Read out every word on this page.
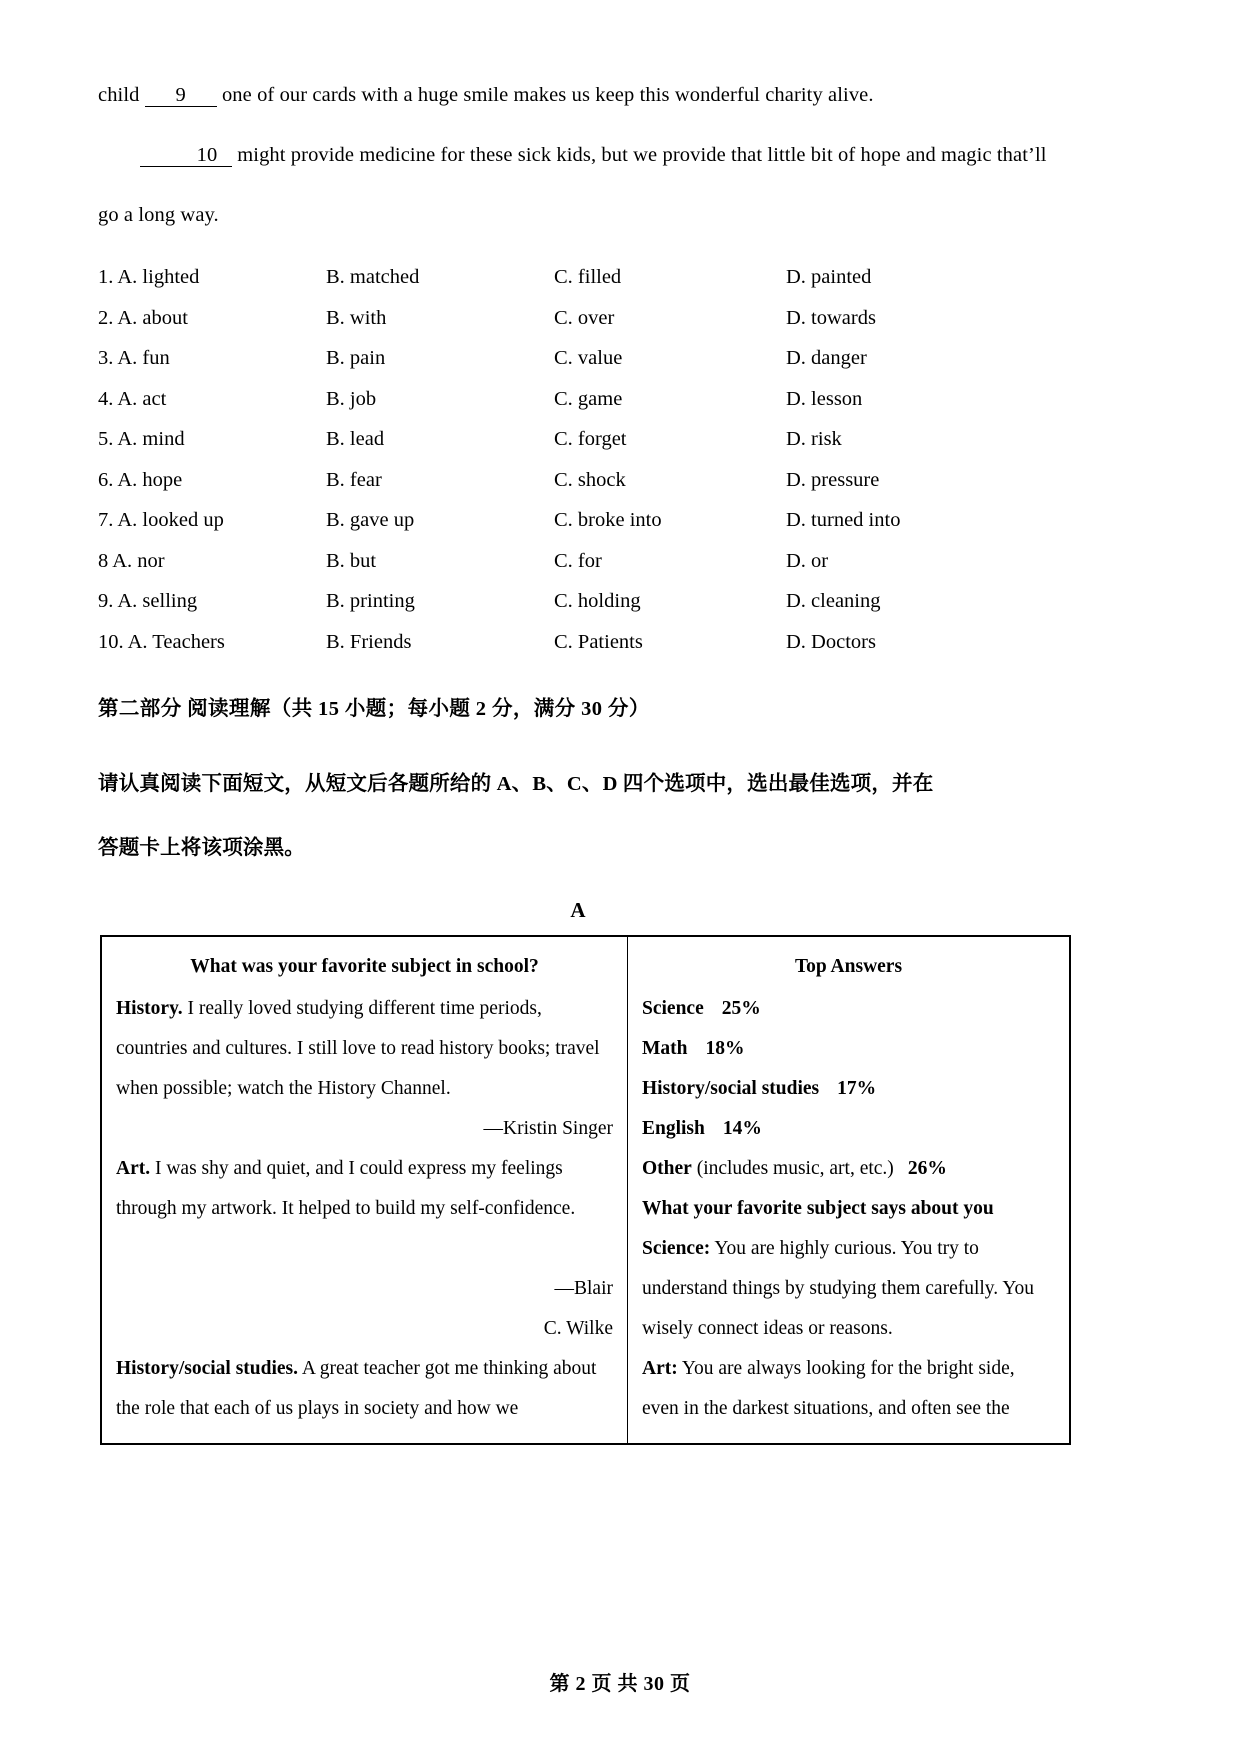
child 9 one of our cards with a huge smile makes us keep this wonderful charity alive.

10 might provide medicine for these sick kids, but we provide that little bit of hope and magic that’ll

go a long way.

1. A. lighted	B. matched	C. filled	D. painted
2. A. about	B. with	C. over	D. towards
3. A. fun	B. pain	C. value	D. danger
4. A. act	B. job	C. game	D. lesson
5. A. mind	B. lead	C. forget	D. risk
6. A. hope	B. fear	C. shock	D. pressure
7. A. looked up	B. gave up	C. broke into	D. turned into
8 A. nor	B. but	C. for	D. or
9. A. selling	B. printing	C. holding	D. cleaning
10. A. Teachers	B. Friends	C. Patients	D. Doctors
第二部分 阅读理解（共 15 小题；每小题 2 分，满分 30 分）
请认真阅读下面短文，从短文后各题所给的 A、B、C、D 四个选项中，选出最佳选项，并在
答题卡上将该项涂黑。
A
What was your favorite subject in school?

History. I really loved studying different time periods, countries and cultures. I still love to read history books; travel when possible; watch the History Channel.

—Kristin Singer

Art. I was shy and quiet, and I could express my feelings through my artwork. It helped to build my self-confidence.

—Blair

C. Wilke

History/social studies. A great teacher got me thinking about the role that each of us plays in society and how we

Top Answers

Science 25%

Math 18%

History/social studies 17%

English 14%

Other (includes music, art, etc.) 26%

What your favorite subject says about you

Science: You are highly curious. You try to understand things by studying them carefully. You wisely connect ideas or reasons.

Art: You are always looking for the bright side, even in the darkest situations, and often see the

第 2 页 共 30 页
